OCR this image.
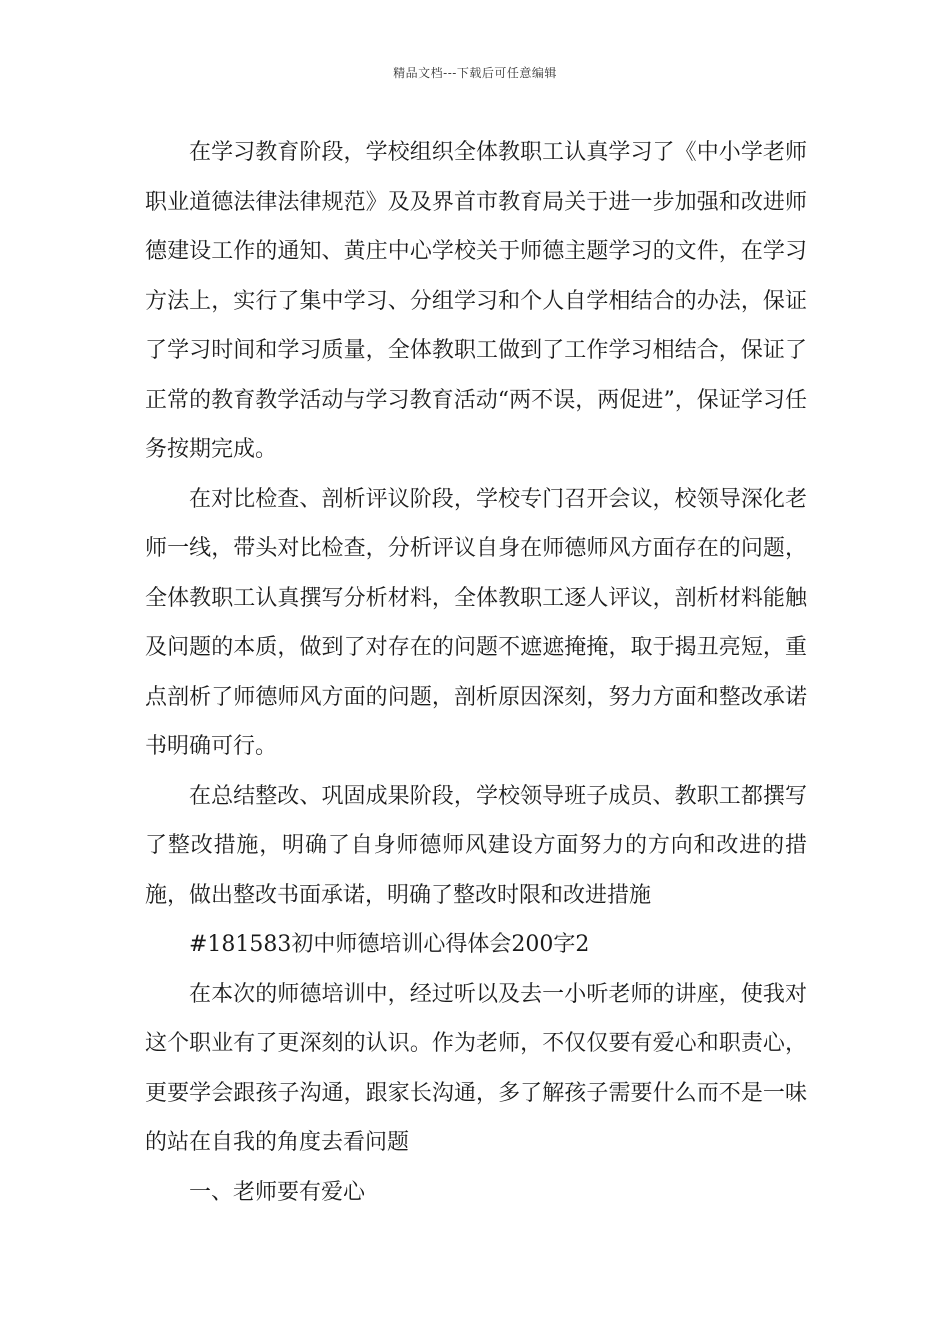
精品文档---下载后可任意编辑

在学习教育阶段，学校组织全体教职工认真学习了《中小学老师职业道德法律法律规范》及及界首市教育局关于进一步加强和改进师德建设工作的通知、黄庄中心学校关于师德主题学习的文件，在学习方法上，实行了集中学习、分组学习和个人自学相结合的办法，保证了学习时间和学习质量，全体教职工做到了工作学习相结合，保证了正常的教育教学活动与学习教育活动“两不误，两促进”，保证学习任务按期完成。

在对比检查、剖析评议阶段，学校专门召开会议，校领导深化老师一线，带头对比检查，分析评议自身在师德师风方面存在的问题，全体教职工认真撰写分析材料，全体教职工逐人评议，剖析材料能触及问题的本质，做到了对存在的问题不遮遮掩掩，取于揭丑亮短，重点剖析了师德师风方面的问题，剖析原因深刻，努力方面和整改承诺书明确可行。

在总结整改、巩固成果阶段，学校领导班子成员、教职工都撰写了整改措施，明确了自身师德师风建设方面努力的方向和改进的措施，做出整改书面承诺，明确了整改时限和改进措施

#181583初中师德培训心得体会200字2

在本次的师德培训中，经过听以及去一小听老师的讲座，使我对这个职业有了更深刻的认识。作为老师，不仅仅要有爱心和职责心，更要学会跟孩子沟通，跟家长沟通，多了解孩子需要什么而不是一味的站在自我的角度去看问题

一、老师要有爱心
